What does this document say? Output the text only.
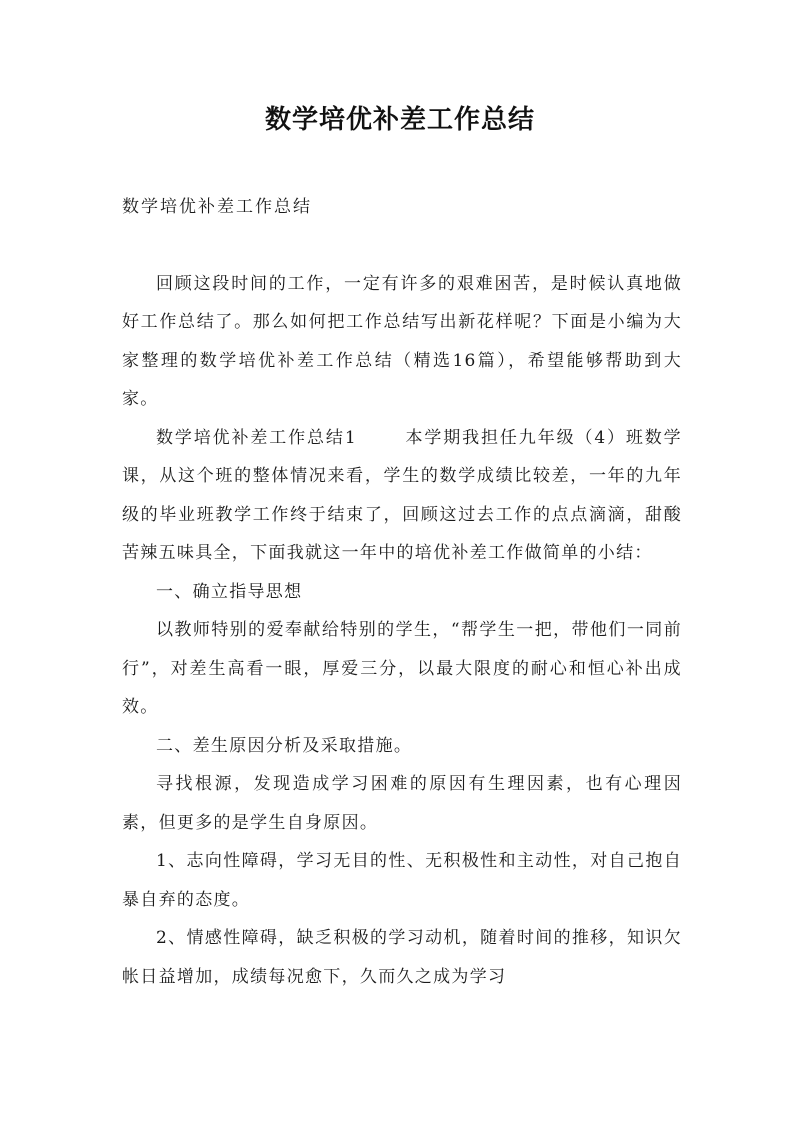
数学培优补差工作总结

数学培优补差工作总结

回顾这段时间的工作，一定有许多的艰难困苦，是时候认真地做好工作总结了。那么如何把工作总结写出新花样呢？下面是小编为大家整理的数学培优补差工作总结（精选16篇），希望能够帮助到大家。

数学培优补差工作总结1	本学期我担任九年级（4）班数学课，从这个班的整体情况来看，学生的数学成绩比较差，一年的九年级的毕业班教学工作终于结束了，回顾这过去工作的点点滴滴，甜酸苦辣五味具全，下面我就这一年中的培优补差工作做简单的小结：

一、确立指导思想

以教师特别的爱奉献给特别的学生，“帮学生一把，带他们一同前行”，对差生高看一眼，厚爱三分，以最大限度的耐心和恒心补出成效。

二、差生原因分析及采取措施。

寻找根源，发现造成学习困难的原因有生理因素，也有心理因素，但更多的是学生自身原因。

1、志向性障碍，学习无目的性、无积极性和主动性，对自己抱自暴自弃的态度。

2、情感性障碍，缺乏积极的学习动机，随着时间的推移，知识欠帐日益增加，成绩每况愈下，久而久之成为学习
